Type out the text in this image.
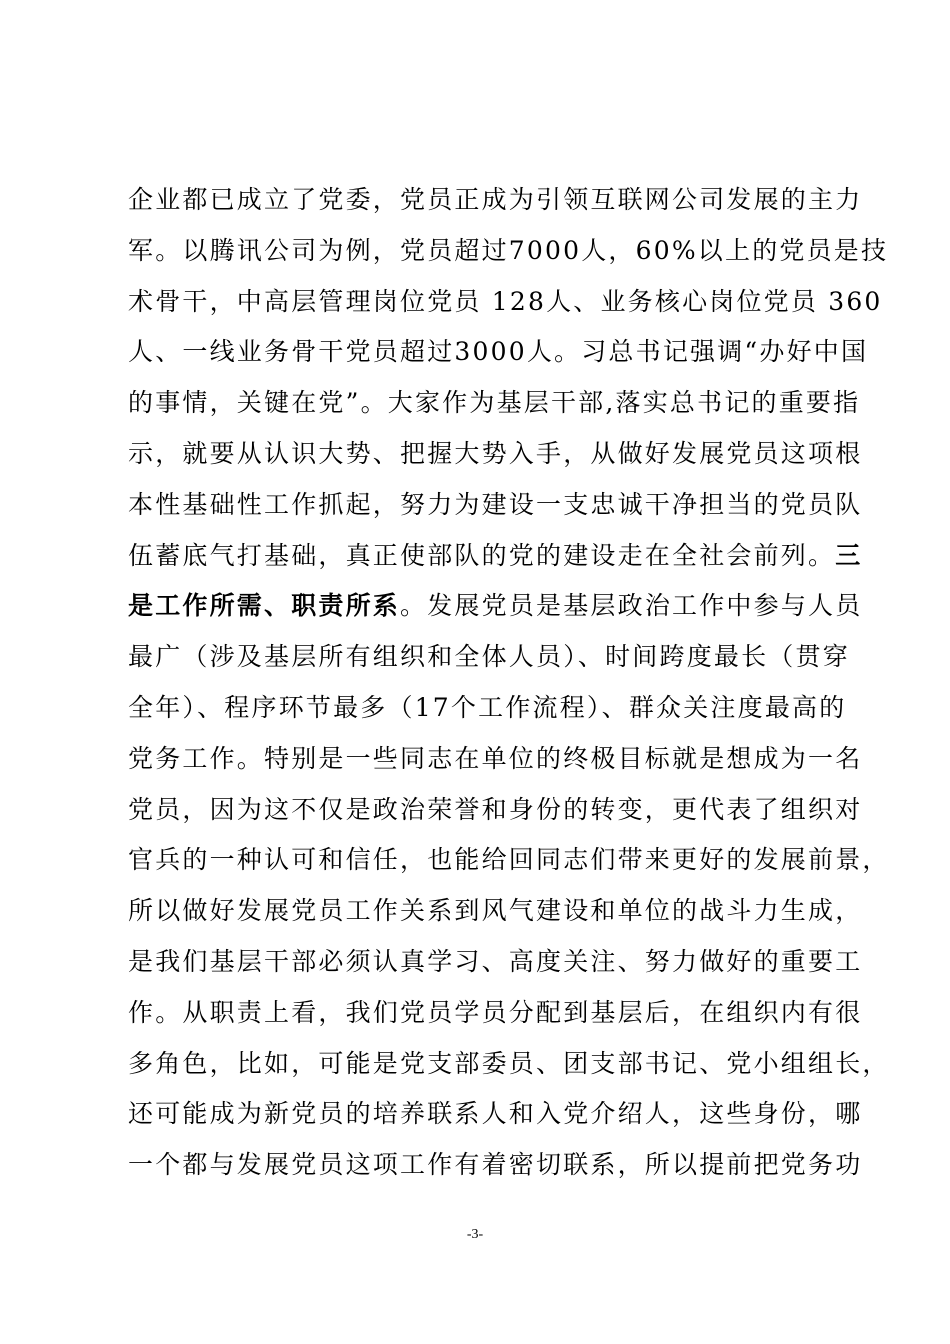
企业都已成立了党委，党员正成为引领互联网公司发展的主力
军。以腾讯公司为例，党员超过7000人，60%以上的党员是技
术骨干，中高层管理岗位党员 128人、业务核心岗位党员 360
人、一线业务骨干党员超过3000人。习总书记强调“办好中国
的事情，关键在党”。大家作为基层干部,落实总书记的重要指
示，就要从认识大势、把握大势入手，从做好发展党员这项根
本性基础性工作抓起，努力为建设一支忠诚干净担当的党员队
伍蓄底气打基础，真正使部队的党的建设走在全社会前列。三
是工作所需、职责所系。发展党员是基层政治工作中参与人员
最广（涉及基层所有组织和全体人员）、时间跨度最长（贯穿
全年）、程序环节最多（17个工作流程）、群众关注度最高的
党务工作。特别是一些同志在单位的终极目标就是想成为一名
党员，因为这不仅是政治荣誉和身份的转变，更代表了组织对
官兵的一种认可和信任，也能给回同志们带来更好的发展前景，
所以做好发展党员工作关系到风气建设和单位的战斗力生成，
是我们基层干部必须认真学习、高度关注、努力做好的重要工
作。从职责上看，我们党员学员分配到基层后，在组织内有很
多角色，比如，可能是党支部委员、团支部书记、党小组组长，
还可能成为新党员的培养联系人和入党介绍人，这些身份，哪
一个都与发展党员这项工作有着密切联系，所以提前把党务功
-3-
